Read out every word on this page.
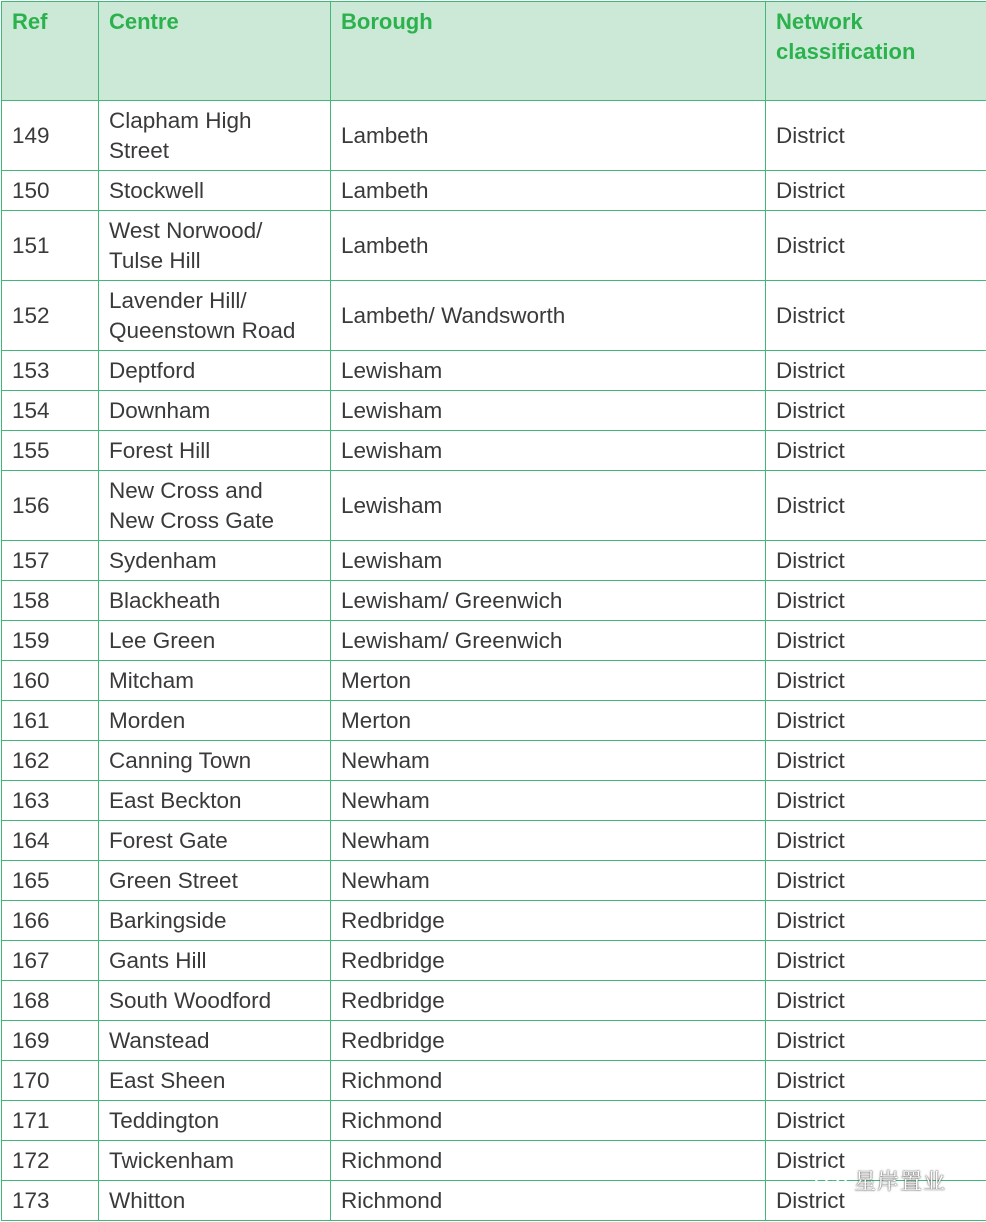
Ref	Centre	Borough	Network
classification
149	Clapham High
Street	Lambeth	District
150	Stockwell	Lambeth	District
151	West Norwood/
Tulse Hill	Lambeth	District
152	Lavender Hill/
Queenstown Road	Lambeth/ Wandsworth	District
153	Deptford	Lewisham	District
154	Downham	Lewisham	District
155	Forest Hill	Lewisham	District
156	New Cross and
New Cross Gate	Lewisham	District
157	Sydenham	Lewisham	District
158	Blackheath	Lewisham/ Greenwich	District
159	Lee Green	Lewisham/ Greenwich	District
160	Mitcham	Merton	District
161	Morden	Merton	District
162	Canning Town	Newham	District
163	East Beckton	Newham	District
164	Forest Gate	Newham	District
165	Green Street	Newham	District
166	Barkingside	Redbridge	District
167	Gants Hill	Redbridge	District
168	South Woodford	Redbridge	District
169	Wanstead	Redbridge	District
170	East Sheen	Richmond	District
171	Teddington	Richmond	District
172	Twickenham	Richmond	District
173	Whitton	Richmond	District
星岸置业
